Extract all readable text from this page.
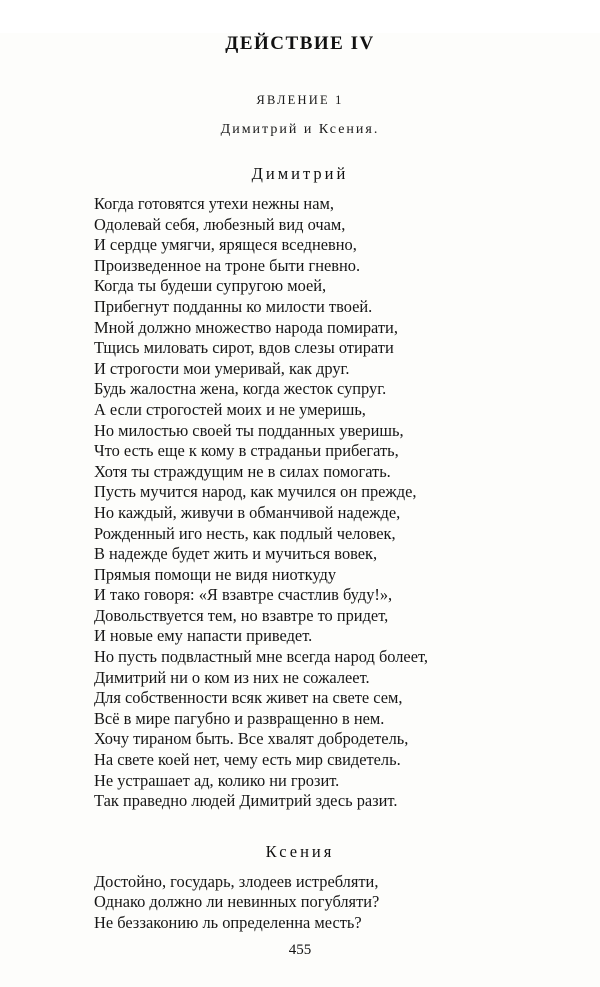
ДЕЙСТВИЕ IV
ЯВЛЕНИЕ 1
Димитрий и Ксения.
Димитрий
Когда готовятся утехи нежны нам,
Одолевай себя, любезный вид очам,
И сердце умягчи, ярящеся вседневно,
Произведенное на троне быти гневно.
Когда ты будеши супругою моей,
Прибегнут подданны ко милости твоей.
Мной должно множество народа помирати,
Тщись миловать сирот, вдов слезы отирати
И строгости мои умеривай, как друг.
Будь жалостна жена, когда жесток супруг.
А если строгостей моих и не умеришь,
Но милостью своей ты подданных уверишь,
Что есть еще к кому в страданьи прибегать,
Хотя ты страждущим не в силах помогать.
Пусть мучится народ, как мучился он прежде,
Но каждый, живучи в обманчивой надежде,
Рожденный иго несть, как подлый человек,
В надежде будет жить и мучиться вовек,
Прямыя помощи не видя ниоткуду
И тако говоря: «Я взавтре счастлив буду!»,
Довольствуется тем, но взавтре то придет,
И новые ему напасти приведет.
Но пусть подвластный мне всегда народ болеет,
Димитрий ни о ком из них не сожалеет.
Для собственности всяк живет на свете сем,
Всё в мире пагубно и развращенно в нем.
Хочу тираном быть. Все хвалят добродетель,
На свете коей нет, чему есть мир свидетель.
Не устрашает ад, колико ни грозит.
Так праведно людей Димитрий здесь разит.
Ксения
Достойно, государь, злодеев истребляти,
Однако должно ли невинных погубляти?
Не беззаконию ль определенна месть?
455
